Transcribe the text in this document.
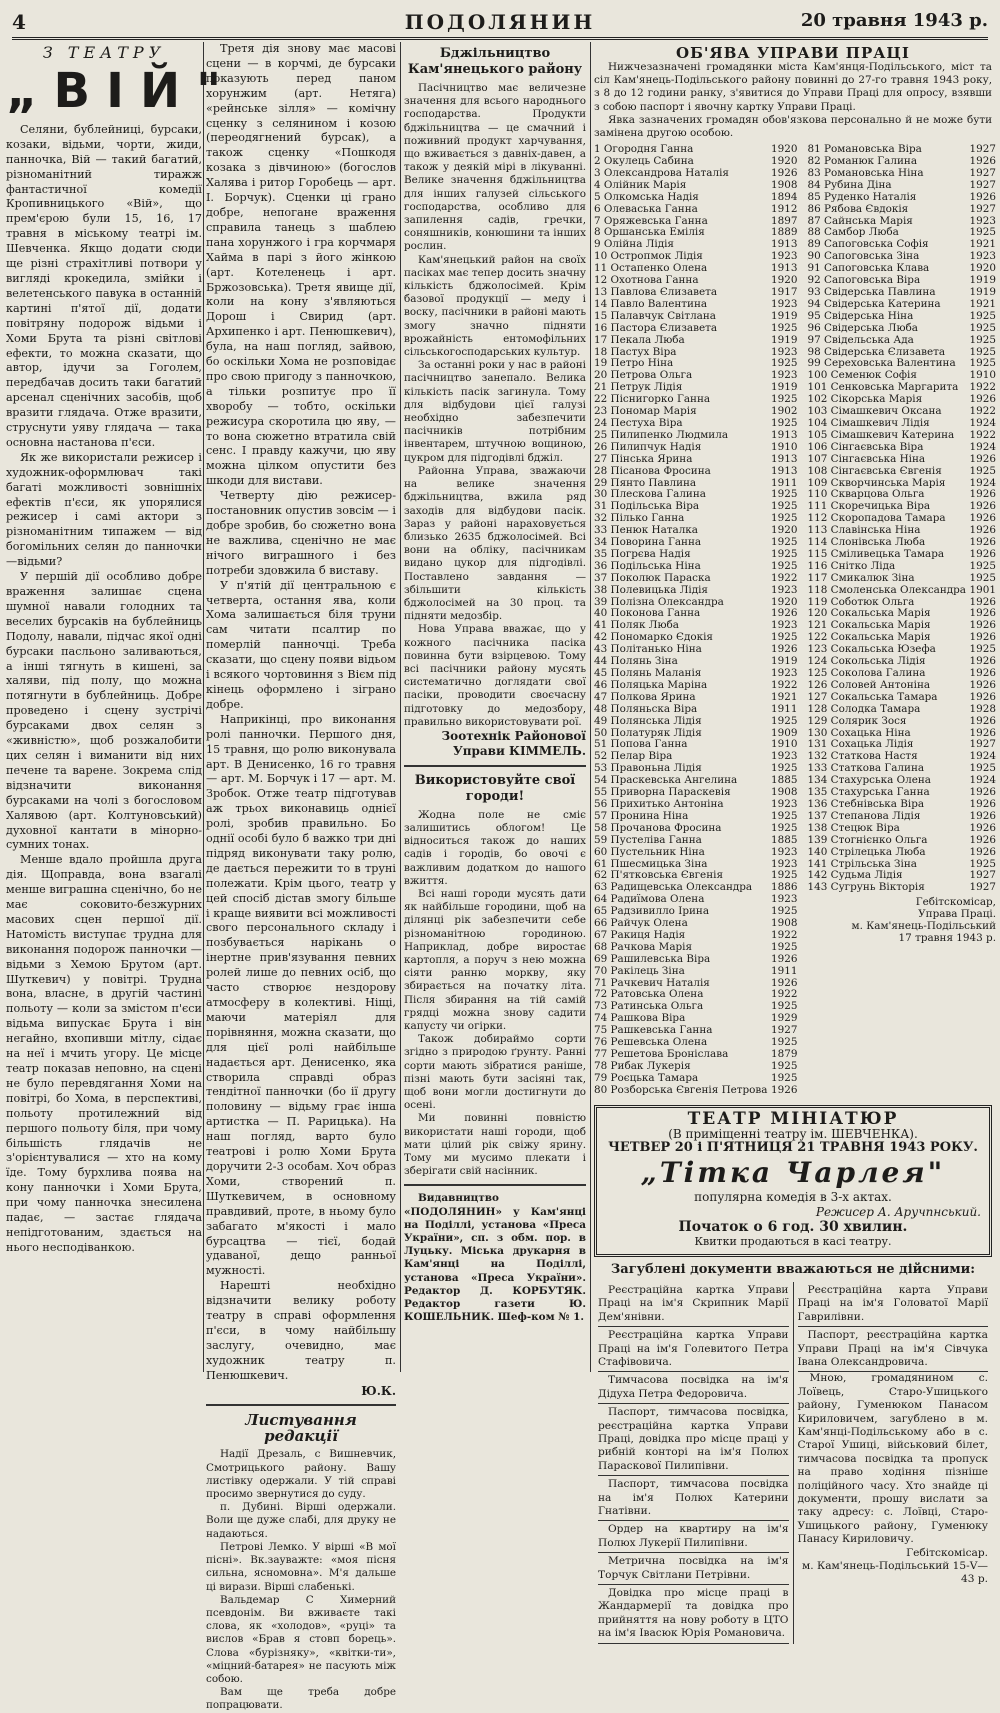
4	ПОДОЛЯНИН	20 травня 1943 р.
З ТЕАТРУ
„ВІЙ"

Селяни, бублейниці, бурсаки, козаки, відьми, чорти, жиди, панночка, Вій — такий багатий, різноманітний тиражж фантастичної комедії Кропивницького «Вій», що прем'єрою були 15, 16, 17 травня в міському театрі ім. Шевченка. Якщо додати сюди ще різні страхітливі потвори у вигляді крокедила, змійки і велетенського павука в останній картині п'ятої дії, додати повітряну подорож відьми і Хоми Брута та різні світлові ефекти, то можна сказати, що автор, ідучи за Гоголем, передбачав досить таки багатий арсенал сценічних засобів, щоб вразити глядача. Отже вразити, струснути уяву глядача — така основна настанова п'єси.

Як же використали режисер і художник-оформлювач такі багаті можливості зовнішніх ефектів п'єси, як упорялися режисер і самі актори з різноманітним типажем — від богомільних селян до панночки—відьми?

У першій дії особливо добре враження залишає сцена шумної навали голодних та веселих бурсаків на бублейниць Подолу, навали, підчас якої одні бурсаки пасльоно заливаються, а інші тягнуть в кишені, за халяви, під полу, що можна потягнути в бублейниць. Добре проведено і сцену зустрічі бурсаками двох селян з «живністю», щоб розжалобити цих селян і виманити від них печене та варене. Зокрема слід відзначити виконання бурсаками на чолі з богословом Халявою (арт. Колтуновський) духовної кантати в мінорно-сумних тонах.

Менше вдало пройшла друга дія. Щоправда, вона взагалі менше виграшна сценічно, бо не має соковито-безжурних масових сцен першої дії. Натомість виступає трудна для виконання подорож панночки — відьми з Хемою Брутом (арт. Шуткевич) у повітрі. Трудна вона, власне, в другій частині польоту — коли за змістом п'єси відьма випускає Брута і він негайно, вхопивши мітлу, сідає на неї і мчить угору. Це місце театр показав неповно, на сцені не було перевдягання Хоми на повітрі, бо Хома, в перспективі, польоту протилежний від першого польоту біля, при чому більшість глядачів не з'орієнтувалися — хто на кому їде. Тому бурхлива поява на кону панночки і Хоми Брута, при чому панночка знесилена падає, — застає глядача непідготованим, здається на нього несподіванкою.

Третя дія знову має масові сцени — в корчмі, де бурсаки показують перед паном хорунжим (арт. Нетяга) «рейнське зілля» — комічну сценку з селянином і козою (переодягнений бурсак), а також сценку «Пошкодя козака з дівчиною» (богослов Халява і ритор Горобець — арт. І. Борчук). Сценки ці грано добре, непогане враження справила танець з шаблею пана хорунжого і гра корчмаря Хайма в парі з його жінкою (арт. Котеленець і арт. Бржозовська). Третя явище дії, коли на кону з'являються Дорош і Свирид (арт. Архипенко і арт. Пенюшкевич), була, на наш погляд, зайвою, бо оскільки Хома не розповідає про свою пригоду з панночкою, а тільки розпитує про її хворобу — тобто, оскільки режисура скоротила цю яву, — то вона сюжетно втратила свій сенс. І правду кажучи, цю яву можна цілком опустити без шкоди для вистави.

Четверту дію режисер-постановник опустив зовсім — і добре зробив, бо сюжетно вона не важлива, сценічно не має нічого виграшного і без потреби здовжила б виставу.

У п'ятій дії центральною є четверта, остання ява, коли Хома залишається біля труни сам читати псалтир по померлій панночці. Треба сказати, що сцену появи відьом і всякого чортовиння з Вієм під кінець оформлено і зіграно добре.

Наприкінці, про виконання ролі панночки. Першого дня, 15 травня, що ролю виконувала арт. В Денисенко, 16 го травня — арт. М. Борчук і 17 — арт. М. Зробок. Отже театр підготував аж трьох виконавиць однієї ролі, зробив правильно. Бо однії особі було б важко три дні підряд виконувати таку ролю, де дається пережити то в труні полежати. Крім цього, театр у цей спосіб дістав змогу більше і краще виявити всі можливості свого персонального складу і позбувається нарікань о інертне прив'язування певних ролей лише до певних осіб, що часто створює нездорову атмосферу в колективі. Ніщі, маючи матеріял для порівняння, можна сказати, що для цієї ролі найбільше надається арт. Денисенко, яка створила справді образ тендітної панночки (бо ії другу половину — відьму грає інша артистка — П. Рарицька). На наш погляд, варто було театрові і ролю Хоми Брута доручити 2-3 особам. Хоч образ Хоми, створений п. Шуткевичем, в основному правдивий, проте, в ньому було забагато м'якості і мало бурсацтва — тієї, бодай удаваної, дещо ранньої мужності.

Нарешті необхідно відзначити велику роботу театру в справі оформлення п'єси, в чому найбільшу заслугу, очевидно, має художник театру п. Пенюшкевич.

Ю.К.
Листування редакції

Надії Дрезаль, с Вишневчик, Смотрицького району. Вашу листівку одержали. У тій справі просимо звернутися до суду.

п. Дубині. Вірші одержали. Воли ще дуже слабі, для друку не надаються.

Петрові Лемко. У вірші «В мої пісні». Вк.зауважте: «моя пісня сильна, ясномовна». М'я дальше ці вирази. Вірші слабенькі.

Вальдемар С Химерний псевдонім. Ви вживаєте такі слова, як «холодов», «руці» та вислов «Брав я стовп борець». Слова «бурізняку», «квітки-ти», «міцний-батарея» не пасують між собою.

Вам ще треба добре попрацювати.

Бджільництво Кам'янецького району

Пасічництво має величезне значення для всього народнього господарства. Продукти бджільництва — це смачний і поживний продукт харчування, що вживається з давніх-давен, а також у деякій мірі в лікуванні. Велике значення бджільництва для інших галузей сільського господарства, особливо для запилення садів, гречки, соняшників, конюшини та інших рослин.

Кам'янецький район на своїх пасіках має тепер досить значну кількість бджолосімей. Крім базової продукції — меду і воску, пасічники в районі мають змогу значно підняти врожайність ентомофільних сільськогосподарських культур.

За останні роки у нас в районі пасічництво занепало. Велика кількість пасік загинула. Тому для відбудови цієї галузі необхідно забезпечити пасічників потрібним інвентарем, штучною вощиною, цукром для підгодівлі бджіл.

Районна Управа, зважаючи на велике значення бджільництва, вжила ряд заходів для відбудови пасік. Зараз у районі нараховується близько 2635 бджолосімей. Всі вони на обліку, пасічникам видано цукор для підгодівлі. Поставлено завдання — збільшити кількість бджолосімей на 30 проц. та підняти медозбір.

Нова Управа вважає, що у кожного пасічника пасіка повинна бути взірцевою. Тому всі пасічники району мусять систематично доглядати свої пасіки, проводити своєчасну підготовку до медозбору, правильно використовувати рої.

Зоотехнік Районової Управи КІММЕЛЬ.
Використовуйте свої городи!

Жодна поле не сміє залишитись облогом! Це відноситься також до наших садів і городів, бо овочі є важливим додатком до нашого вжиття.

Всі наші городи мусять дати як найбільше городини, щоб на ділянці рік забезпечити себе різноманітною городиною. Наприклад, добре виростає картопля, а поруч з нею можна сіяти ранню моркву, яку збирається на початку літа. Після збирання на тій самій грядці можна знову садити капусту чи огірки.

Також добираймо сорти згідно з природою ґрунту. Ранні сорти мають зібратися раніше, пізні мають бути засіяні так, щоб вони могли достигнути до осені.

Ми повинні повністю використати наші городи, щоб мати цілий рік свіжу ярину. Тому ми мусимо плекати і зберігати свій насінник.

Видавництво «ПОДОЛЯНИН» у Кам'янці на Поділлі, установа «Преса України», сп. з обм. пор. в Луцьку. Міська друкарня в Кам'янці на Поділлі, установа «Преса України». Редактор Д. КОРБУТЯК. Редактор газети Ю. КОШЕЛЬНИК. Шеф-ком № 1.

ОБ'ЯВА УПРАВИ ПРАЦІ

Нижчезазначені громадянки міста Кам'янця-Подільського, міст та сіл Кам'янець-Подільського району повинні до 27-го травня 1943 року, з 8 до 12 години ранку, з'явитися до Управи Праці для опросу, взявши з собою паспорт і явочну картку Управи Праці.

Явка зазначених громадян обов'язкова персонально й не може бути замінена другою особою.

1 Огородня Ганна	1920
2 Окулець Сабина	1920
3 Олександрова Наталія	1926
4 Олійник Марія	1908
5 Олкомська Надія	1894
6 Олеваська Ганна	1912
7 Оряжевська Ганна	1897
8 Оршанська Емілія	1889
9 Олійна Лідія	1913
10 Остропмок Лідія	1923
11 Остапенко Олена	1913
12 Охотнова Ганна	1920
13 Павлова Єлизавета	1917
14 Павло Валентина	1923
15 Палавчук Світлана	1919
16 Пастора Єлизавета	1925
17 Пекала Люба	1919
18 Пастух Віра	1923
19 Петро Ніна	1925
20 Петрова Ольга	1923
21 Петрук Лідія	1919
22 Піснигорко Ганна	1925
23 Пономар Марія	1902
24 Пестуха Віра	1925
25 Пилипенко Людмила	1913
26 Пилипчук Надія	1910
27 Пінська Ярина	1913
28 Пісанова Фросина	1913
29 Пянто Павлина	1911
30 Плескова Галина	1925
31 Подільська Віра	1925
32 Пілько Ганна	1925
33 Пенюк Наталка	1920
34 Поворина Ганна	1925
35 Погрєва Надія	1925
36 Подільська Ніна	1925
37 Поколюк Параска	1922
38 Полевицька Лідія	1923
39 Полізна Олександра	1920
40 Поконова Ганна	1926
41 Поляк Люба	1923
42 Пономарко Єдокія	1925
43 Політанько Ніна	1926
44 Полянь Зіна	1919
45 Полянь Маланія	1923
46 Поляцька Маріна	1922
47 Полкова Ярина	1921
48 Поляньска Віра	1911
49 Полянська Лідія	1925
50 Полатуряк Лідія	1909
51 Попова Ганна	1910
52 Пелар Віра	1923
53 Правоньна Лідія	1925
54 Праскевська Ангелина	1885
55 Приворна Параскевія	1908
56 Прихитько Антоніна	1923
57 Пронина Ніна	1925
58 Прочанова Фросина	1925
59 Пустеліва Ганна	1885
60 Пустельник Ніна	1923
61 Пшесмицька Зіна	1923
62 П'ятковська Євгенія	1925
63 Радищевська Олександра	1886
64 Радиїмова Олена	1923
65 Радзивилло Ірина	1925
66 Райчук Олена	1908
67 Ракиця Надія	1922
68 Рачкова Марія	1925
69 Рашилевська Віра	1926
70 Ракілець Зіна	1911
71 Рачкевич Наталія	1926
72 Ратовська Олена	1922
73 Ратинська Ольга	1925
74 Рашкова Віра	1929
75 Рашкевська Ганна	1927
76 Решевська Олена	1925
77 Решетова Броніслава	1879
78 Рибак Лукерія	1925
79 Роєцька Тамара	1925
80 Розборська Євгенія Петрова 1926
81 Романовська Віра	1927
82 Романюк Галина	1926
83 Романовська Ніна	1927
84 Рубина Діна	1927
85 Руденко Наталія	1926
86 Рябова Євдокія	1927
87 Сайнська Марія	1923
88 Самбор Люба	1925
89 Сапоговська Софія	1921
90 Сапоговська Зіна	1923
91 Сапоговська Клава	1920
92 Сапоговська Віра	1919
93 Свідерська Павлина	1919
94 Свідерська Катерина	1921
95 Свідерська Ніна	1925
96 Свідерська Люба	1925
97 Свідельська Ада	1925
98 Свідерська Єлизавета	1925
99 Сереховська Валентина	1925
100 Семенюк Софія	1910
101 Сенковська Маргарита	1922
102 Сікорська Марія	1926
103 Сімашкевич Оксана	1922
104 Сімашкевич Лідія	1924
105 Сімашкевич Катерина	1922
106 Сінгаєвська Віра	1924
107 Сінгаєвська Ніна	1926
108 Сінгаєвська Євгенія	1925
109 Скворчинська Марія	1924
110 Скварцова Ольга	1926
111 Скоречицька Віра	1926
112 Скоропадова Тамара	1926
113 Славінська Ніна	1926
114 Слонівська Люба	1926
115 Сміливецька Тамара	1926
116 Снітко Ліда	1925
117 Смикалюк Зіна	1925
118 Смоленська Олександра 1901
119 Соботюк Ольга	1926
120 Сокальська Марія	1926
121 Сокальська Марія	1926
122 Сокальська Марія	1926
123 Сокальська Юзефа	1925
124 Сокольська Лідія	1926
125 Соколова Галина	1926
126 Соловей Антоніна	1926
127 Сокальська Тамара	1926
128 Солодка Тамара	1928
129 Солярик Зося	1926
130 Сохацька Ніна	1926
131 Сохацька Лідія	1927
132 Статкова Настя	1924
133 Статкова Галина	1925
134 Стахурська Олена	1924
135 Стахурська Ганна	1926
136 Стебнівська Віра	1926
137 Степанова Лідія	1926
138 Стецюк Віра	1926
139 Стогнієнко Ольга	1926
140 Стрілецька Люба	1926
141 Стрільська Зіна	1925
142 Судьма Лідія	1927
143 Сугрунь Вікторія	1927
Гебітскомісар,
Управа Праці.
м. Кам'янець-Подільський
17 травня 1943 р.
ТЕАТР МІНІАТЮР
(В приміщенні театру ім. ШЕВЧЕНКА).
ЧЕТВЕР 20 і П'ЯТНИЦЯ 21 ТРАВНЯ 1943 РОКУ.
„Тітка Чарлея"
популярна комедія в 3-х актах.
Режисер А. Аручпнський.
Початок о 6 год. 30 хвилин.
Квитки продаються в касі театру.
Загублені документи вважаються не дійсними:

Реєстраційна картка Управи Праці на ім'я Скрипник Марії Дем'янівни.

Реєстраційна картка Управи Праці на ім'я Голевитого Петра Стафівовича.

Тимчасова посвідка на ім'я Дідуха Петра Федоровича.

Паспорт, тимчасова посвідка, реєстраційна картка Управи Праці, довідка про місце праці у рибній конторі на ім'я Полюх Параскової Пилипівни.

Паспорт, тимчасова посвідка на ім'я Полюх Катерини Гнатівни.

Ордер на квартиру на ім'я Полюх Лукерії Пилипівни.

Метрична посвідка на ім'я Торчук Світлани Петрівни.

Довідка про місце праці в Жандармерії та довідка про прийняття на нову роботу в ЦТО на ім'я Івасюк Юрія Романовича.

Реєстраційна карта Управи Праці на ім'я Головатої Марії Гаврилівни.

Паспорт, реєстраційна картка Управи Праці на ім'я Сівчука Івана Олександровича.

Мною, громадянином с. Лоївець, Старо-Ушицького району, Гуменюком Панасом Кириловичем, загублено в м. Кам'янці-Подільському або в с. Старої Ушиці, військовий білет, тимчасова посвідка та пропуск на право ходіння пізніше поліційного часу. Хто знайде ці документи, прошу вислати за таку адресу: с. Лоївці, Старо-Ушицького району, Гуменюку Панасу Кириловичу.

Гебітскомісар.
м. Кам'янець-Подільський 15-V—43 р.
